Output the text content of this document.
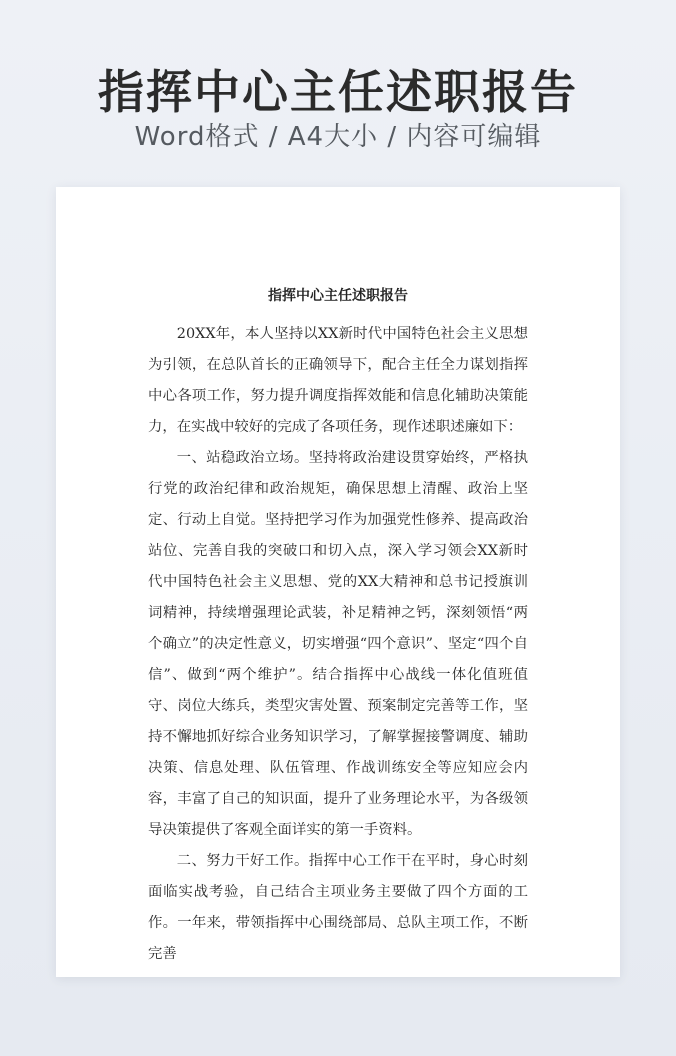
指挥中心主任述职报告
Word格式 / A4大小 / 内容可编辑
指挥中心主任述职报告

20XX年，本人坚持以XX新时代中国特色社会主义思想为引领，在总队首长的正确领导下，配合主任全力谋划指挥中心各项工作，努力提升调度指挥效能和信息化辅助决策能力，在实战中较好的完成了各项任务，现作述职述廉如下：

一、站稳政治立场。坚持将政治建设贯穿始终，严格执行党的政治纪律和政治规矩，确保思想上清醒、政治上坚定、行动上自觉。坚持把学习作为加强党性修养、提高政治站位、完善自我的突破口和切入点，深入学习领会XX新时代中国特色社会主义思想、党的XX大精神和总书记授旗训词精神，持续增强理论武装，补足精神之钙，深刻领悟“两个确立”的决定性意义，切实增强“四个意识”、坚定“四个自信”、做到“两个维护”。结合指挥中心战线一体化值班值守、岗位大练兵，类型灾害处置、预案制定完善等工作，坚持不懈地抓好综合业务知识学习，了解掌握接警调度、辅助决策、信息处理、队伍管理、作战训练安全等应知应会内容，丰富了自己的知识面，提升了业务理论水平，为各级领导决策提供了客观全面详实的第一手资料。

二、努力干好工作。指挥中心工作干在平时，身心时刻面临实战考验，自己结合主项业务主要做了四个方面的工作。一年来，带领指挥中心围绕部局、总队主项工作，不断完善
